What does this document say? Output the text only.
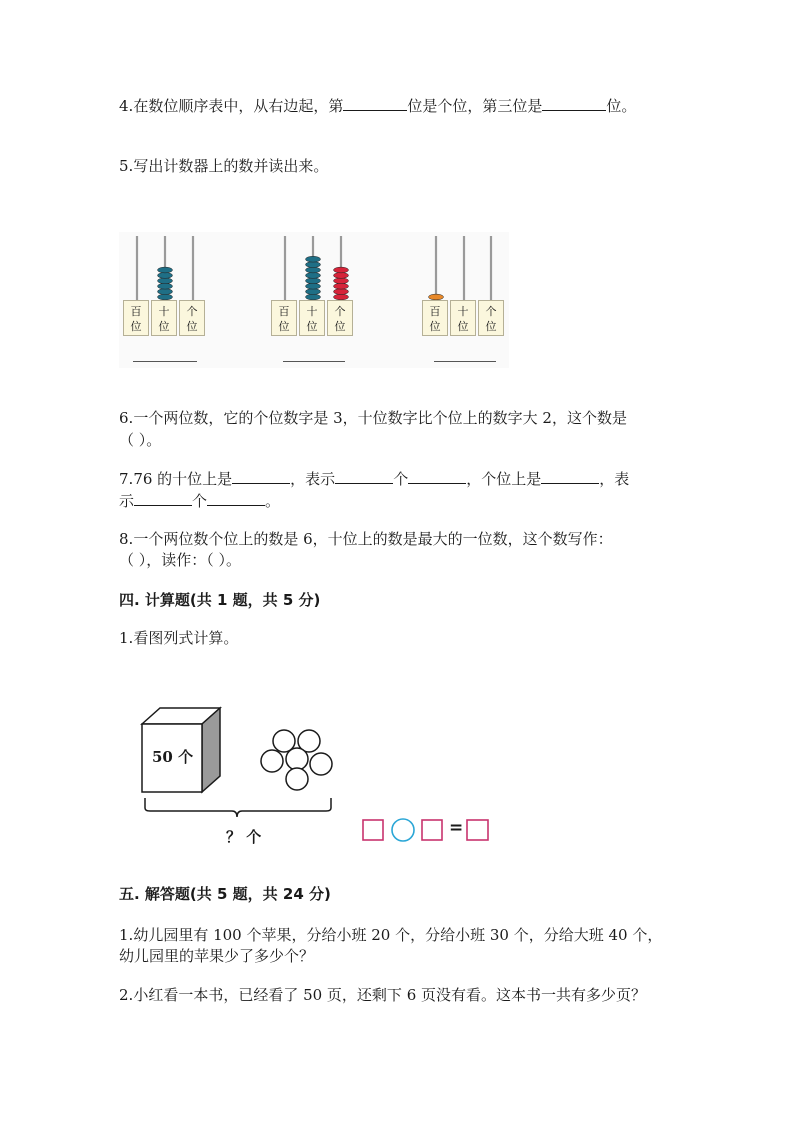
4.在数位顺序表中，从右边起，第	位是个位，第三位是	位。
5.写出计数器上的数并读出来。
百
位
十
位
个
位
百
位
十
位
个
位
百
位
十
位
个
位
6.一个两位数，它的个位数字是 3，十位数字比个位上的数字大 2，这个数是
（ ）。
7.76 的十位上是	，表示	个	，个位上是	，表
示	个	。
8.一个两位数个位上的数是 6，十位上的数是最大的一位数，这个数写作：
（ ），读作：（ ）。
四. 计算题(共 1 题，共 5 分)
1.看图列式计算。
50 个
？ 个	=
五. 解答题(共 5 题，共 24 分)
1.幼儿园里有 100 个苹果，分给小班 20 个，分给小班 30 个，分给大班 40 个，
幼儿园里的苹果少了多少个？
2.小红看一本书，已经看了 50 页，还剩下 6 页没有看。这本书一共有多少页？
